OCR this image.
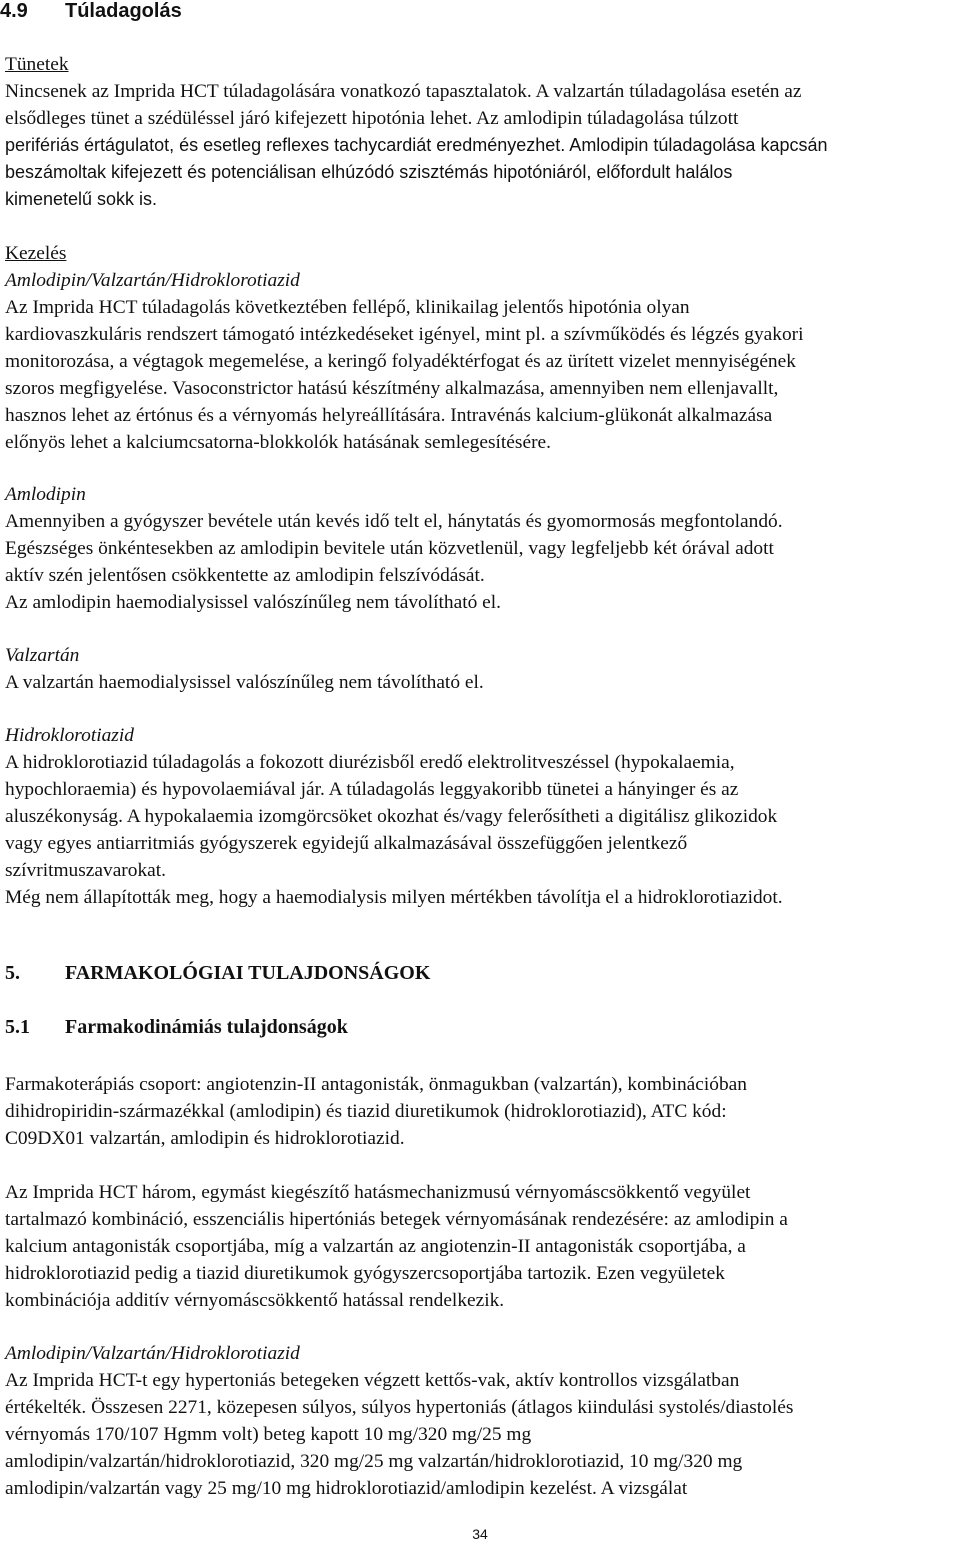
4.9 Túladagolás
Tünetek
Nincsenek az Imprida HCT túladagolására vonatkozó tapasztalatok. A valzartán túladagolása esetén az
elsődleges tünet a szédüléssel járó kifejezett hipotónia lehet. Az amlodipin túladagolása túlzott
perifériás értágulatot, és esetleg reflexes tachycardiát eredményezhet. Amlodipin túladagolása kapcsán
beszámoltak kifejezett és potenciálisan elhúzódó szisztémás hipotóniáról, előfordult halálos
kimenetelű sokk is.
Kezelés
Amlodipin/Valzartán/Hidroklorotiazid
Az Imprida HCT túladagolás következtében fellépő, klinikailag jelentős hipotónia olyan
kardiovaszkuláris rendszert támogató intézkedéseket igényel, mint pl. a szívműködés és légzés gyakori
monitorozása, a végtagok megemelése, a keringő folyadéktérfogat és az ürített vizelet mennyiségének
szoros megfigyelése. Vasoconstrictor hatású készítmény alkalmazása, amennyiben nem ellenjavallt,
hasznos lehet az értónus és a vérnyomás helyreállítására. Intravénás kalcium-glükonát alkalmazása
előnyös lehet a kalciumcsatorna-blokkolók hatásának semlegesítésére.
Amlodipin
Amennyiben a gyógyszer bevétele után kevés idő telt el, hánytatás és gyomormosás megfontolandó.
Egészséges önkéntesekben az amlodipin bevitele után közvetlenül, vagy legfeljebb két órával adott
aktív szén jelentősen csökkentette az amlodipin felszívódását.
Az amlodipin haemodialysissel valószínűleg nem távolítható el.
Valzartán
A valzartán haemodialysissel valószínűleg nem távolítható el.
Hidroklorotiazid
A hidroklorotiazid túladagolás a fokozott diurézisből eredő elektrolitveszéssel (hypokalaemia,
hypochloraemia) és hypovolaemiával jár. A túladagolás leggyakoribb tünetei a hányinger és az
aluszékonyság. A hypokalaemia izomgörcsöket okozhat és/vagy felerősítheti a digitálisz glikozidok
vagy egyes antiarritmiás gyógyszerek egyidejű alkalmazásával összefüggően jelentkező
szívritmuszavarokat.
Még nem állapították meg, hogy a haemodialysis milyen mértékben távolítja el a hidroklorotiazidot.
5. FARMAKOLÓGIAI TULAJDONSÁGOK
5.1 Farmakodinámiás tulajdonságok
Farmakoterápiás csoport: angiotenzin-II antagonisták, önmagukban (valzartán), kombinációban
dihidropiridin-származékkal (amlodipin) és tiazid diuretikumok (hidroklorotiazid), ATC kód:
C09DX01 valzartán, amlodipin és hidroklorotiazid.
Az Imprida HCT három, egymást kiegészítő hatásmechanizmusú vérnyomáscsökkentő vegyület
tartalmazó kombináció, esszenciális hipertóniás betegek vérnyomásának rendezésére: az amlodipin a
kalcium antagonisták csoportjába, míg a valzartán az angiotenzin-II antagonisták csoportjába, a
hidroklorotiazid pedig a tiazid diuretikumok gyógyszercsoportjába tartozik. Ezen vegyületek
kombinációja additív vérnyomáscsökkentő hatással rendelkezik.
Amlodipin/Valzartán/Hidroklorotiazid
Az Imprida HCT-t egy hypertoniás betegeken végzett kettős-vak, aktív kontrollos vizsgálatban
értékelték. Összesen 2271, közepesen súlyos, súlyos hypertoniás (átlagos kiindulási systolés/diastolés
vérnyomás 170/107 Hgmm volt) beteg kapott 10 mg/320 mg/25 mg
amlodipin/valzartán/hidroklorotiazid, 320 mg/25 mg valzartán/hidroklorotiazid, 10 mg/320 mg
amlodipin/valzartán vagy 25 mg/10 mg hidroklorotiazid/amlodipin kezelést. A vizsgálat
34
